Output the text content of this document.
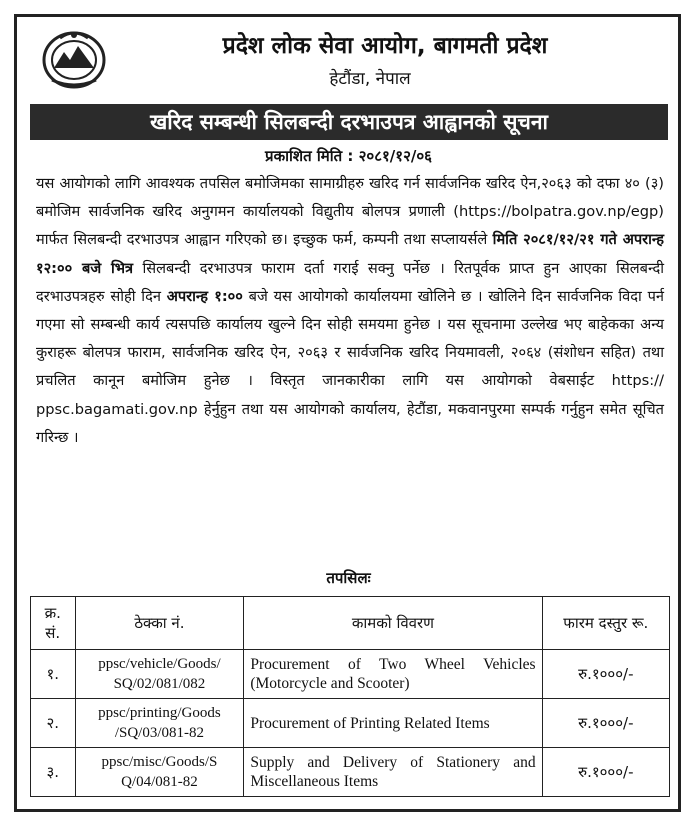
प्रदेश लोक सेवा आयोग, बागमती प्रदेश
हेटौंडा, नेपाल
खरिद सम्बन्धी सिलबन्दी दरभाउपत्र आह्वानको सूचना
प्रकाशित मिति : २०८१/१२/०६

यस आयोगको लागि आवश्यक तपसिल बमोजिमका सामाग्रीहरु खरिद गर्न सार्वजनिक खरिद ऐन,२०६३ को दफा ४० (३) बमोजिम सार्वजनिक खरिद अनुगमन कार्यालयको विद्युतीय बोलपत्र प्रणाली (https://bolpatra.gov.np/egp) मार्फत सिलबन्दी दरभाउपत्र आह्वान गरिएको छ। इच्छुक फर्म, कम्पनी तथा सप्लायर्सले मिति २०८१/१२/२१ गते अपरान्ह १२:०० बजे भित्र सिलबन्दी दरभाउपत्र फाराम दर्ता गराई सक्नु पर्नेछ । रितपूर्वक प्राप्त हुन आएका सिलबन्दी दरभाउपत्रहरु सोही दिन अपरान्ह १:०० बजे यस आयोगको कार्यालयमा खोलिने छ । खोलिने दिन सार्वजनिक विदा पर्न गएमा सो सम्बन्धी कार्य त्यसपछि कार्यालय खुल्ने दिन सोही समयमा हुनेछ । यस सूचनामा उल्लेख भए बाहेकका अन्य कुराहरू बोलपत्र फाराम, सार्वजनिक खरिद ऐन, २०६३ र सार्वजनिक खरिद नियमावली, २०६४ (संशोधन सहित) तथा प्रचलित कानून बमोजिम हुनेछ । विस्तृत जानकारीका लागि यस आयोगको वेबसाईट https:// ppsc.bagamati.gov.np हेर्नुहुन तथा यस आयोगको कार्यालय, हेटौंडा, मकवानपुरमा सम्पर्क गर्नुहुन समेत सूचित गरिन्छ ।

तपसिलः
क्र. सं.	ठेक्का नं.	कामको विवरण	फारम दस्तुर रू.
१.	ppsc/vehicle/Goods/ SQ/02/081/082	Procurement of Two Wheel Vehicles (Motorcycle and Scooter)	रु.१०००/-
२.	ppsc/printing/Goods /SQ/03/081-82	Procurement of Printing Related Items	रु.१०००/-
३.	ppsc/misc/Goods/S Q/04/081-82	Supply and Delivery of Stationery and Miscellaneous Items	रु.१०००/-
